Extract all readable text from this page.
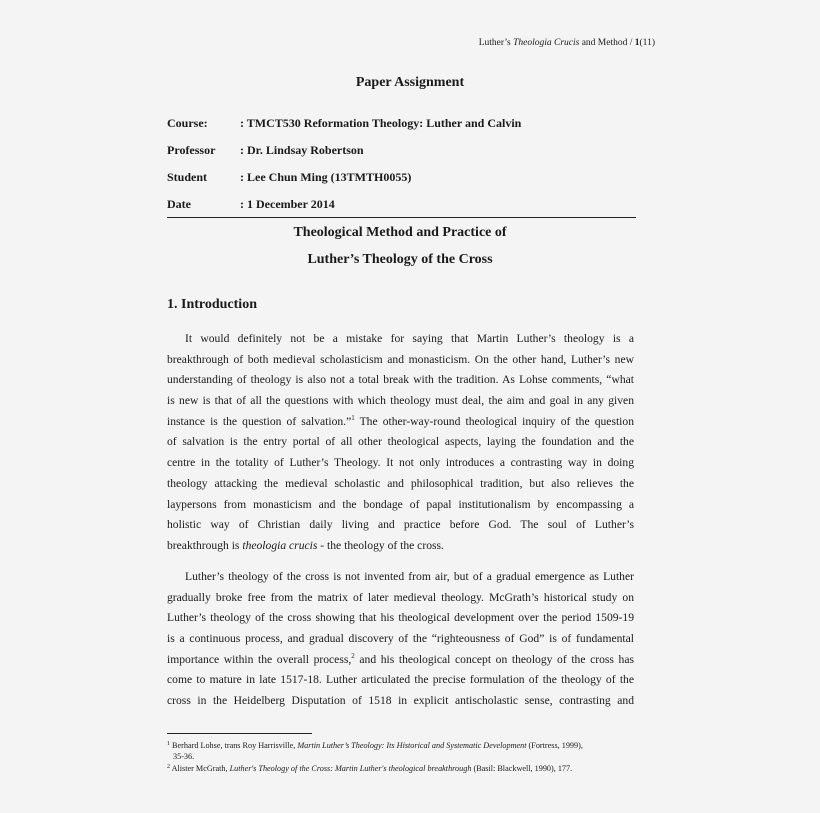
Luther’s Theologia Crucis and Method / 1(11)
Paper Assignment
Course:	: TMCT530 Reformation Theology: Luther and Calvin
Professor : Dr. Lindsay Robertson
Student	: Lee Chun Ming (13TMTH0055)
Date	: 1 December 2014
Theological Method and Practice of
Luther’s Theology of the Cross
1. Introduction
It would definitely not be a mistake for saying that Martin Luther’s theology is a
breakthrough of both medieval scholasticism and monasticism. On the other hand, Luther’s new
understanding of theology is also not a total break with the tradition. As Lohse comments, “what
is new is that of all the questions with which theology must deal, the aim and goal in any given
instance is the question of salvation.”$^1$ The other-way-round theological inquiry of the question
of salvation is the entry portal of all other theological aspects, laying the foundation and the
centre in the totality of Luther’s Theology. It not only introduces a contrasting way in doing
theology attacking the medieval scholastic and philosophical tradition, but also relieves the
laypersons from monasticism and the bondage of papal institutionalism by encompassing a
holistic way of Christian daily living and practice before God. The soul of Luther’s
breakthrough is theologia crucis - the theology of the cross.
Luther’s theology of the cross is not invented from air, but of a gradual emergence as Luther
gradually broke free from the matrix of later medieval theology. McGrath’s historical study on
Luther’s theology of the cross showing that his theological development over the period 1509-19
is a continuous process, and gradual discovery of the “righteousness of God” is of fundamental
importance within the overall process,$^2$ and his theological concept on theology of the cross has
come to mature in late 1517-18. Luther articulated the precise formulation of the theology of the
cross in the Heidelberg Disputation of 1518 in explicit antischolastic sense, contrasting and
$^1$ Berhard Lohse, trans Roy Harrisville, Martin Luther’s Theology: Its Historical and Systematic Development (Fortress, 1999),
35-36.
$^2$ Alister McGrath, Luther's Theology of the Cross: Martin Luther's theological breakthrough (Basil: Blackwell, 1990), 177.
